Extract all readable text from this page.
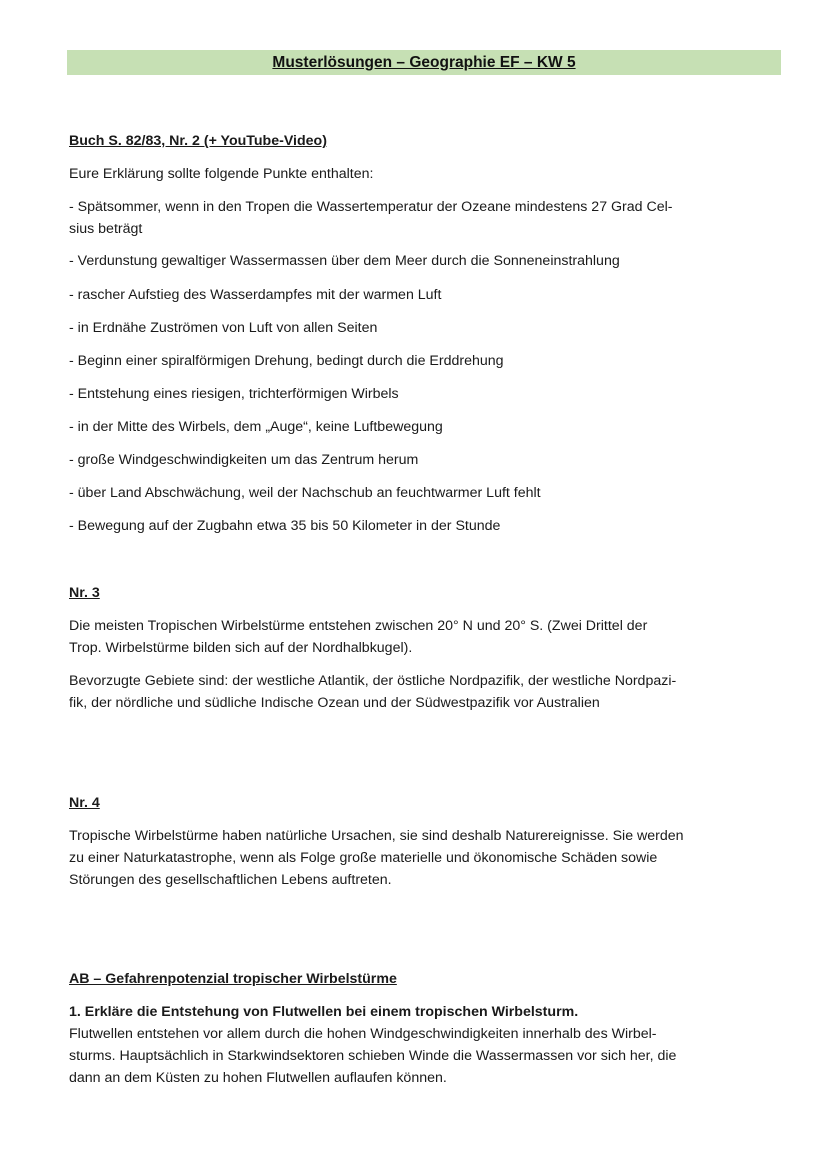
Musterlösungen – Geographie EF – KW 5

Buch S. 82/83, Nr. 2 (+ YouTube-Video)

Eure Erklärung sollte folgende Punkte enthalten:

- Spätsommer, wenn in den Tropen die Wassertemperatur der Ozeane mindestens 27 Grad Cel-
sius beträgt

- Verdunstung gewaltiger Wassermassen über dem Meer durch die Sonneneinstrahlung

- rascher Aufstieg des Wasserdampfes mit der warmen Luft

- in Erdnähe Zuströmen von Luft von allen Seiten

- Beginn einer spiralförmigen Drehung, bedingt durch die Erddrehung

- Entstehung eines riesigen, trichterförmigen Wirbels

- in der Mitte des Wirbels, dem „Auge“, keine Luftbewegung

- große Windgeschwindigkeiten um das Zentrum herum

- über Land Abschwächung, weil der Nachschub an feuchtwarmer Luft fehlt

- Bewegung auf der Zugbahn etwa 35 bis 50 Kilometer in der Stunde

Nr. 3

Die meisten Tropischen Wirbelstürme entstehen zwischen 20° N und 20° S. (Zwei Drittel der

Trop. Wirbelstürme bilden sich auf der Nordhalbkugel).

Bevorzugte Gebiete sind: der westliche Atlantik, der östliche Nordpazifik, der westliche Nordpazi-

fik, der nördliche und südliche Indische Ozean und der Südwestpazifik vor Australien

Nr. 4

Tropische Wirbelstürme haben natürliche Ursachen, sie sind deshalb Naturereignisse. Sie werden

zu einer Naturkatastrophe, wenn als Folge große materielle und ökonomische Schäden sowie

Störungen des gesellschaftlichen Lebens auftreten.

AB – Gefahrenpotenzial tropischer Wirbelstürme

1. Erkläre die Entstehung von Flutwellen bei einem tropischen Wirbelsturm.

Flutwellen entstehen vor allem durch die hohen Windgeschwindigkeiten innerhalb des Wirbel-

sturms. Hauptsächlich in Starkwindsektoren schieben Winde die Wassermassen vor sich her, die

dann an dem Küsten zu hohen Flutwellen auflaufen können.
